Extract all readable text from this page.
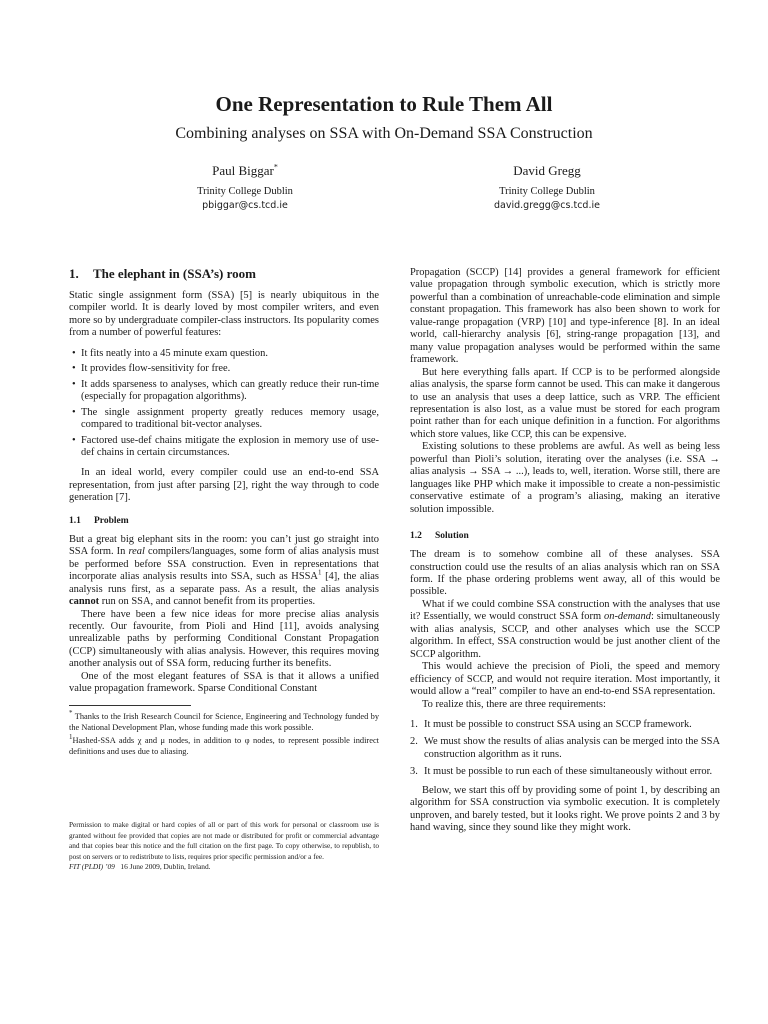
One Representation to Rule Them All
Combining analyses on SSA with On-Demand SSA Construction
Paul Biggar*
Trinity College Dublin
pbiggar@cs.tcd.ie
David Gregg
Trinity College Dublin
david.gregg@cs.tcd.ie
1. The elephant in (SSA’s) room

Static single assignment form (SSA) [5] is nearly ubiquitous in the compiler world. It is dearly loved by most compiler writers, and even more so by undergraduate compiler-class instructors. Its popularity comes from a number of powerful features:

• It fits neatly into a 45 minute exam question.
• It provides flow-sensitivity for free.
• It adds sparseness to analyses, which can greatly reduce their run-time (especially for propagation algorithms).
• The single assignment property greatly reduces memory usage, compared to traditional bit-vector analyses.
• Factored use-def chains mitigate the explosion in memory use of use-def chains in certain circumstances.

In an ideal world, every compiler could use an end-to-end SSA representation, from just after parsing [2], right the way through to code generation [7].

1.1 Problem

But a great big elephant sits in the room: you can’t just go straight into SSA form. In real compilers/languages, some form of alias analysis must be performed before SSA construction. Even in representations that incorporate alias analysis results into SSA, such as HSSA$^1$ [4], the alias analysis runs first, as a separate pass. As a result, the alias analysis cannot run on SSA, and cannot benefit from its properties.

There have been a few nice ideas for more precise alias analysis recently. Our favourite, from Pioli and Hind [11], avoids analysing unrealizable paths by performing Conditional Constant Propagation (CCP) simultaneously with alias analysis. However, this requires moving another analysis out of SSA form, reducing further its benefits.

One of the most elegant features of SSA is that it allows a unified value propagation framework. Sparse Conditional Constant

* Thanks to the Irish Research Council for Science, Engineering and Technology funded by the National Development Plan, whose funding made this work possible.

$^1$Hashed-SSA adds χ and μ nodes, in addition to φ nodes, to represent possible indirect definitions and uses due to aliasing.

Permission to make digital or hard copies of all or part of this work for personal or classroom use is granted without fee provided that copies are not made or distributed for profit or commercial advantage and that copies bear this notice and the full citation on the first page. To copy otherwise, to republish, to post on servers or to redistribute to lists, requires prior specific permission and/or a fee.

FIT (PLDI) ’09 16 June 2009, Dublin, Ireland.

Propagation (SCCP) [14] provides a general framework for efficient value propagation through symbolic execution, which is strictly more powerful than a combination of unreachable-code elimination and simple constant propagation. This framework has also been shown to work for value-range propagation (VRP) [10] and type-inference [8]. In an ideal world, call-hierarchy analysis [6], string-range propagation [13], and many value propagation analyses would be performed within the same framework.

But here everything falls apart. If CCP is to be performed alongside alias analysis, the sparse form cannot be used. This can make it dangerous to use an analysis that uses a deep lattice, such as VRP. The efficient representation is also lost, as a value must be stored for each program point rather than for each unique definition in a function. For algorithms which store values, like CCP, this can be expensive.

Existing solutions to these problems are awful. As well as being less powerful than Pioli’s solution, iterating over the analyses (i.e. SSA → alias analysis → SSA → ...), leads to, well, iteration. Worse still, there are languages like PHP which make it impossible to create a non-pessimistic conservative estimate of a program’s aliasing, making an iterative solution impossible.

1.2 Solution

The dream is to somehow combine all of these analyses. SSA construction could use the results of an alias analysis which ran on SSA form. If the phase ordering problems went away, all of this would be possible.

What if we could combine SSA construction with the analyses that use it? Essentially, we would construct SSA form on-demand: simultaneously with alias analysis, SCCP, and other analyses which use the SCCP algorithm. In effect, SSA construction would be just another client of the SCCP algorithm.

This would achieve the precision of Pioli, the speed and memory efficiency of SCCP, and would not require iteration. Most importantly, it would allow a “real” compiler to have an end-to-end SSA representation.

To realize this, there are three requirements:

1. It must be possible to construct SSA using an SCCP framework.
2. We must show the results of alias analysis can be merged into the SSA construction algorithm as it runs.
3. It must be possible to run each of these simultaneously without error.

Below, we start this off by providing some of point 1, by describing an algorithm for SSA construction via symbolic execution. It is completely unproven, and barely tested, but it looks right. We prove points 2 and 3 by hand waving, since they sound like they might work.
